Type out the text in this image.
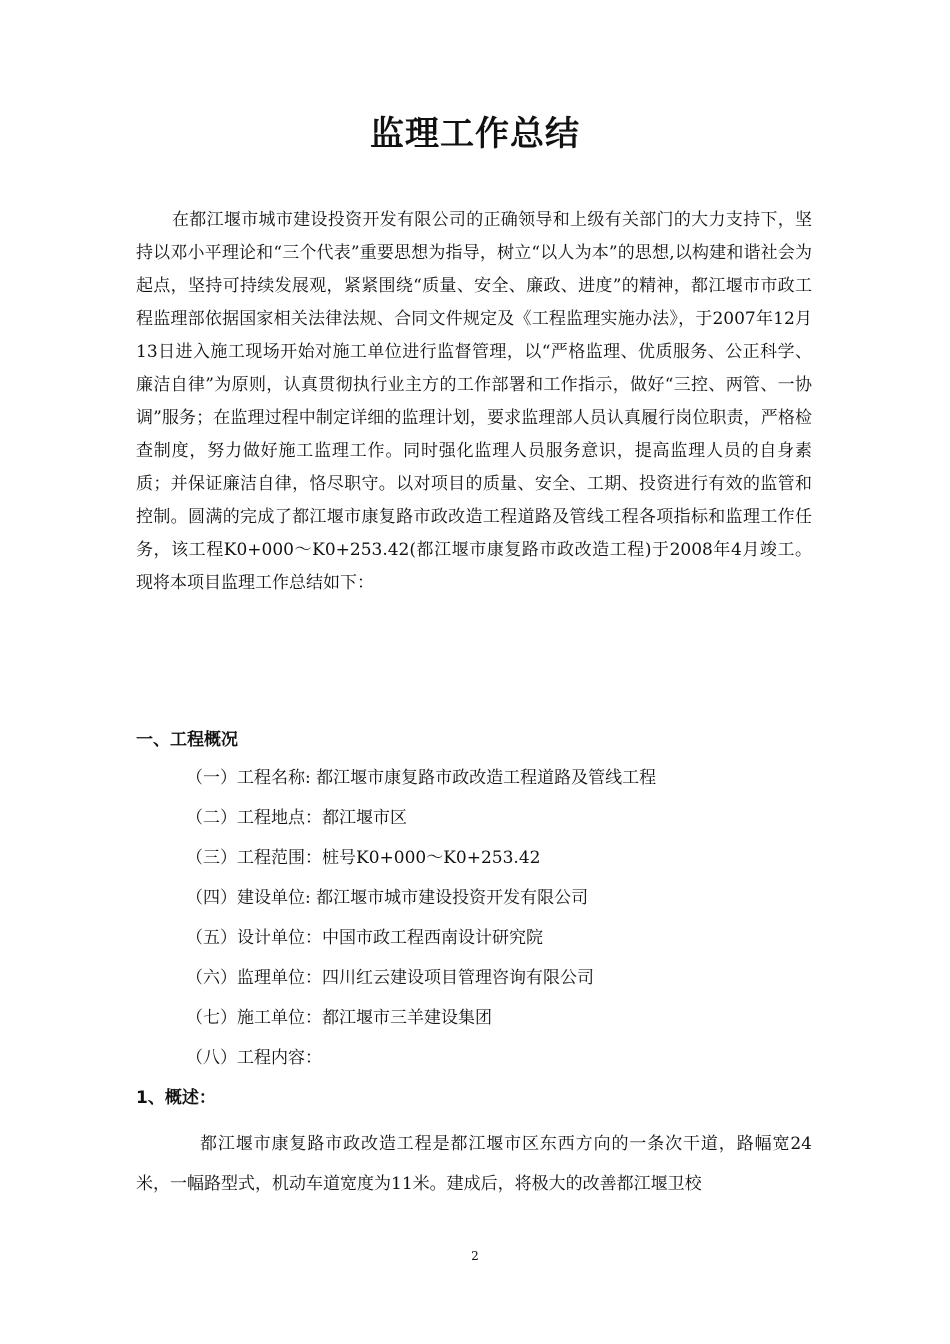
监理工作总结

在都江堰市城市建设投资开发有限公司的正确领导和上级有关部门的大力支持下，坚持以邓小平理论和“三个代表”重要思想为指导，树立“以人为本”的思想,以构建和谐社会为起点，坚持可持续发展观，紧紧围绕“质量、安全、廉政、进度”的精神，都江堰市市政工程监理部依据国家相关法律法规、合同文件规定及《工程监理实施办法》，于2007年12月13日进入施工现场开始对施工单位进行监督管理，以“严格监理、优质服务、公正科学、廉洁自律”为原则，认真贯彻执行业主方的工作部署和工作指示，做好“三控、两管、一协调”服务；在监理过程中制定详细的监理计划，要求监理部人员认真履行岗位职责，严格检查制度，努力做好施工监理工作。同时强化监理人员服务意识，提高监理人员的自身素质；并保证廉洁自律，恪尽职守。以对项目的质量、安全、工期、投资进行有效的监管和控制。圆满的完成了都江堰市康复路市政改造工程道路及管线工程各项指标和监理工作任务，该工程K0+000～K0+253.42(都江堰市康复路市政改造工程)于2008年4月竣工。现将本项目监理工作总结如下：

一、工程概况
（一）工程名称: 都江堰市康复路市政改造工程道路及管线工程
（二）工程地点：都江堰市区
（三）工程范围：桩号K0+000～K0+253.42
（四）建设单位: 都江堰市城市建设投资开发有限公司
（五）设计单位：中国市政工程西南设计研究院
（六）监理单位：四川红云建设项目管理咨询有限公司
（七）施工单位：都江堰市三羊建设集团
（八）工程内容：
1、概述：

都江堰市康复路市政改造工程是都江堰市区东西方向的一条次干道，路幅宽24米，一幅路型式，机动车道宽度为11米。建成后，将极大的改善都江堰卫校

2
